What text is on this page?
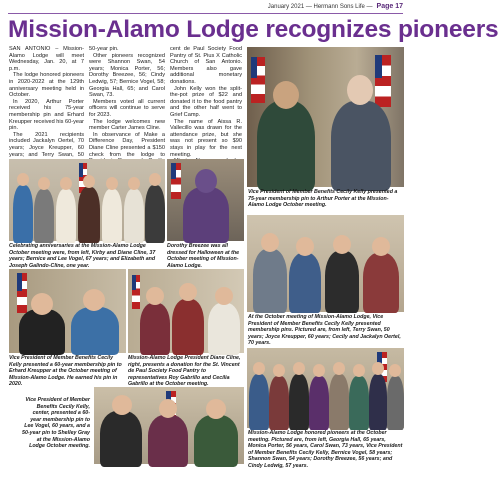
January 2021 — Hermann Sons Life — Page 17
Mission-Alamo Lodge recognizes pioneers

SAN ANTONIO – Mission-Alamo Lodge will meet Wednesday, Jan. 20, at 7 p.m.

The lodge honored pioneers in 2020-2022 at the 129th anniversary meeting held in October.

In 2020, Arthur Porter received his 75-year membership pin and Erhard Kreupper received his 60-year pin.

The 2021 recipients included Jackalyn Oertel, 70 years; Joyce Kreupper, 60 years; and Terry Swan, 50

50-year pin.

Other pioneers recognized were Shannon Swan, 54 years; Monica Porter, 56; Dorothy Breezee, 56; Cindy Ledwig, 57; Bernice Vogel, 58; Georgia Hall, 65; and Carol Swan, 73.

Members voted all current officers will continue to serve for 2023.

The lodge welcomes new member Carter James Cline.

In observance of Make a Difference Day, President Diane Cline presented a $150 check from the lodge to

cent de Paul Society Food Pantry of St. Pius X Catholic Church of San Antonio. Members also gave additional monetary donations.

John Kelly won the split-the-pot prize of $22 and donated it to the food pantry and the other half went to Grief Camp.

The name of Aissa R. Vallecillo was drawn for the attendance prize, but she was not present so $90 stays in play for the next meeting.

Vice President of Member Benefits Cecily Kelly presented a 75-year membership pin to Arthur Porter at the Mission-Alamo Lodge October meeting.
Celebrating anniversaries at the Mission-Alamo Lodge October meeting were, from left, Kirby and Diane Cline, 37 years; Bernice and Lee Vogel, 67 years; and Elizabeth and Joseph Galindo-Cline, one year.
Dorothy Breezee was all dressed for Halloween at the October meeting of Mission-Alamo Lodge.
At the October meeting of Mission-Alamo Lodge, Vice President of Member Benefits Cecily Kelly presented membership pins. Pictured are, from left, Terry Swan, 50 years; Joyce Kreupper, 60 years; Cecily and Jackalyn Oertel, 70 years.
Vice President of Member Benefits Cecily Kelly presented a 60-year membership pin to Erhard Kreupper at the October meeting of Mission-Alamo Lodge. He earned his pin in 2020.
Mission-Alamo Lodge President Diane Cline, right, presents a donation for the St. Vincent de Paul Society Food Pantry to representatives Roy Gabrillo and Cecilia Gabrillo at the October meeting.
Vice President of Member Benefits Cecily Kelly, center, presented a 60-year membership pin to Lee Vogel, 60 years, and a 50-year pin to Shelley Gray at the Mission-Alamo Lodge October meeting.
Mission-Alamo Lodge honored pioneers at the October meeting. Pictured are, from left, Georgia Hall, 65 years, Monica Porter, 56 years, Carol Swan, 73 years, Vice President of Member Benefits Cecily Kelly, Bernice Vogel, 58 years; Shannon Swan, 54 years; Dorothy Breezee, 56 years; and Cindy Ledwig, 57 years.
